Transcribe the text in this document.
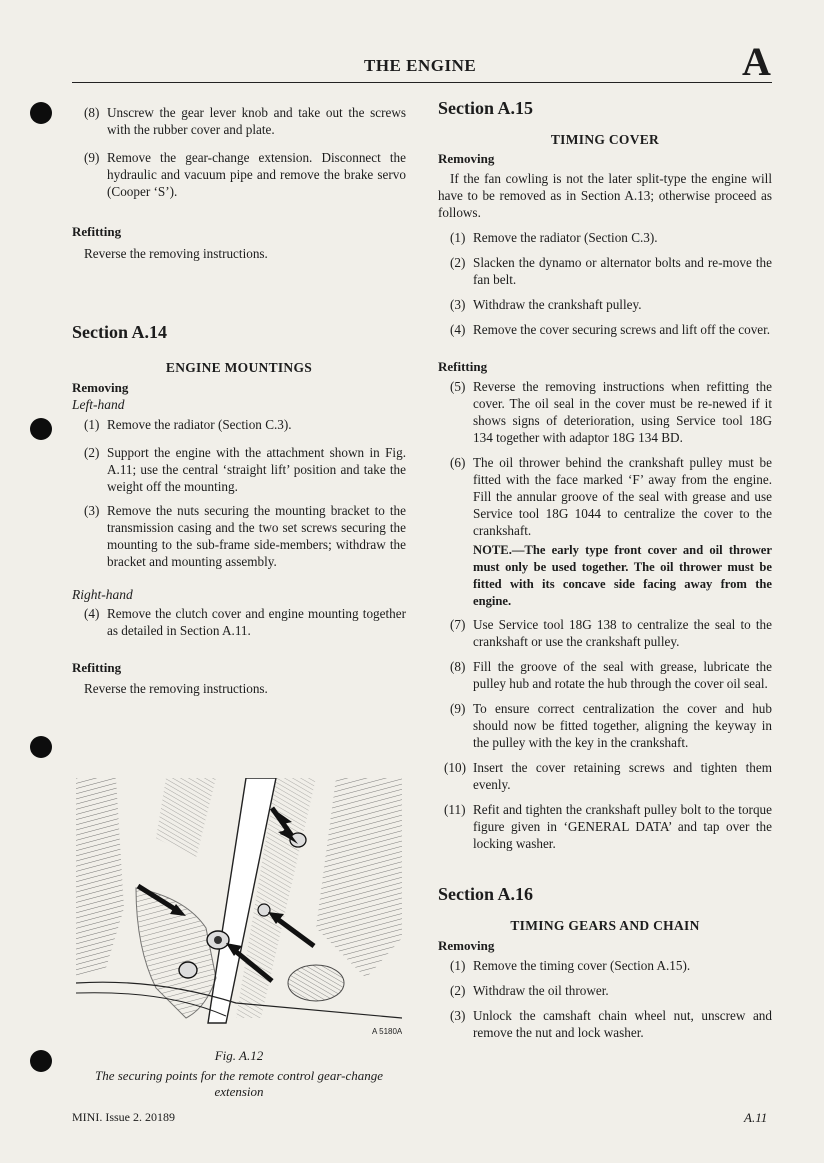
THE ENGINE	A
(8) Unscrew the gear lever knob and take out the screws with the rubber cover and plate.
(9) Remove the gear-change extension. Disconnect the hydraulic and vacuum pipe and remove the brake servo (Cooper ‘S’).
Refitting
Reverse the removing instructions.
Section A.14
ENGINE MOUNTINGS
Removing
Left-hand
(1) Remove the radiator (Section C.3).
(2) Support the engine with the attachment shown in Fig. A.11; use the central ‘straight lift’ position and take the weight off the mounting.
(3) Remove the nuts securing the mounting bracket to the transmission casing and the two set screws securing the mounting to the sub-frame side-members; withdraw the bracket and mounting assembly.
Right-hand
(4) Remove the clutch cover and engine mounting together as detailed in Section A.11.
Refitting
Reverse the removing instructions.
A 5180A
Fig. A.12
The securing points for the remote control gear-change extension
Section A.15
TIMING COVER
Removing
If the fan cowling is not the later split-type the engine will have to be removed as in Section A.13; otherwise proceed as follows.
(1) Remove the radiator (Section C.3).
(2) Slacken the dynamo or alternator bolts and re-move the fan belt.
(3) Withdraw the crankshaft pulley.
(4) Remove the cover securing screws and lift off the cover.
Refitting
(5) Reverse the removing instructions when refitting the cover. The oil seal in the cover must be re-newed if it shows signs of deterioration, using Service tool 18G 134 together with adaptor 18G 134 BD.
(6) The oil thrower behind the crankshaft pulley must be fitted with the face marked ‘F’ away from the engine. Fill the annular groove of the seal with grease and use Service tool 18G 1044 to centralize the cover to the crankshaft.
NOTE.—The early type front cover and oil thrower must only be used together. The oil thrower must be fitted with its concave side facing away from the engine.
(7) Use Service tool 18G 138 to centralize the seal to the crankshaft or use the crankshaft pulley.
(8) Fill the groove of the seal with grease, lubricate the pulley hub and rotate the hub through the cover oil seal.
(9) To ensure correct centralization the cover and hub should now be fitted together, aligning the keyway in the pulley with the key in the crankshaft.
(10) Insert the cover retaining screws and tighten them evenly.
(11) Refit and tighten the crankshaft pulley bolt to the torque figure given in ‘GENERAL DATA’ and tap over the locking washer.
Section A.16
TIMING GEARS AND CHAIN
Removing
(1) Remove the timing cover (Section A.15).
(2) Withdraw the oil thrower.
(3) Unlock the camshaft chain wheel nut, unscrew and remove the nut and lock washer.
MINI. Issue 2. 20189	A.11
